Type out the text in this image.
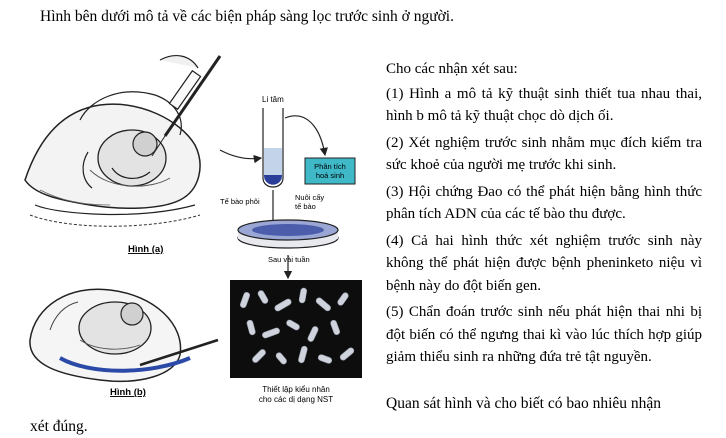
Hình bên dưới mô tả về các biện pháp sàng lọc trước sinh ở người.
Hình (a)
Hình (b)
Li tâm
Phân tích hoá sinh
Tế bào phôi	Nuôi cấy tế bào
Sau vài tuần
Thiết lập kiểu nhân
cho các dị dạng NST
Cho các nhận xét sau:
(1) Hình a mô tả kỹ thuật sinh thiết tua nhau thai, hình b mô tả kỹ thuật chọc dò dịch ối.
(2) Xét nghiệm trước sinh nhằm mục đích kiểm tra sức khoẻ của người mẹ trước khi sinh.
(3) Hội chứng Đao có thể phát hiện bằng hình thức phân tích ADN của các tế bào thu được.
(4) Cả hai hình thức xét nghiệm trước sinh này không thể phát hiện được bệnh pheninketo niệu vì bệnh này do đột biến gen.
(5) Chẩn đoán trước sinh nếu phát hiện thai nhi bị đột biến có thể ngưng thai kì vào lúc thích hợp giúp giảm thiểu sinh ra những đứa trẻ tật nguyền.
Quan sát hình và cho biết có bao nhiêu nhận
xét đúng.
